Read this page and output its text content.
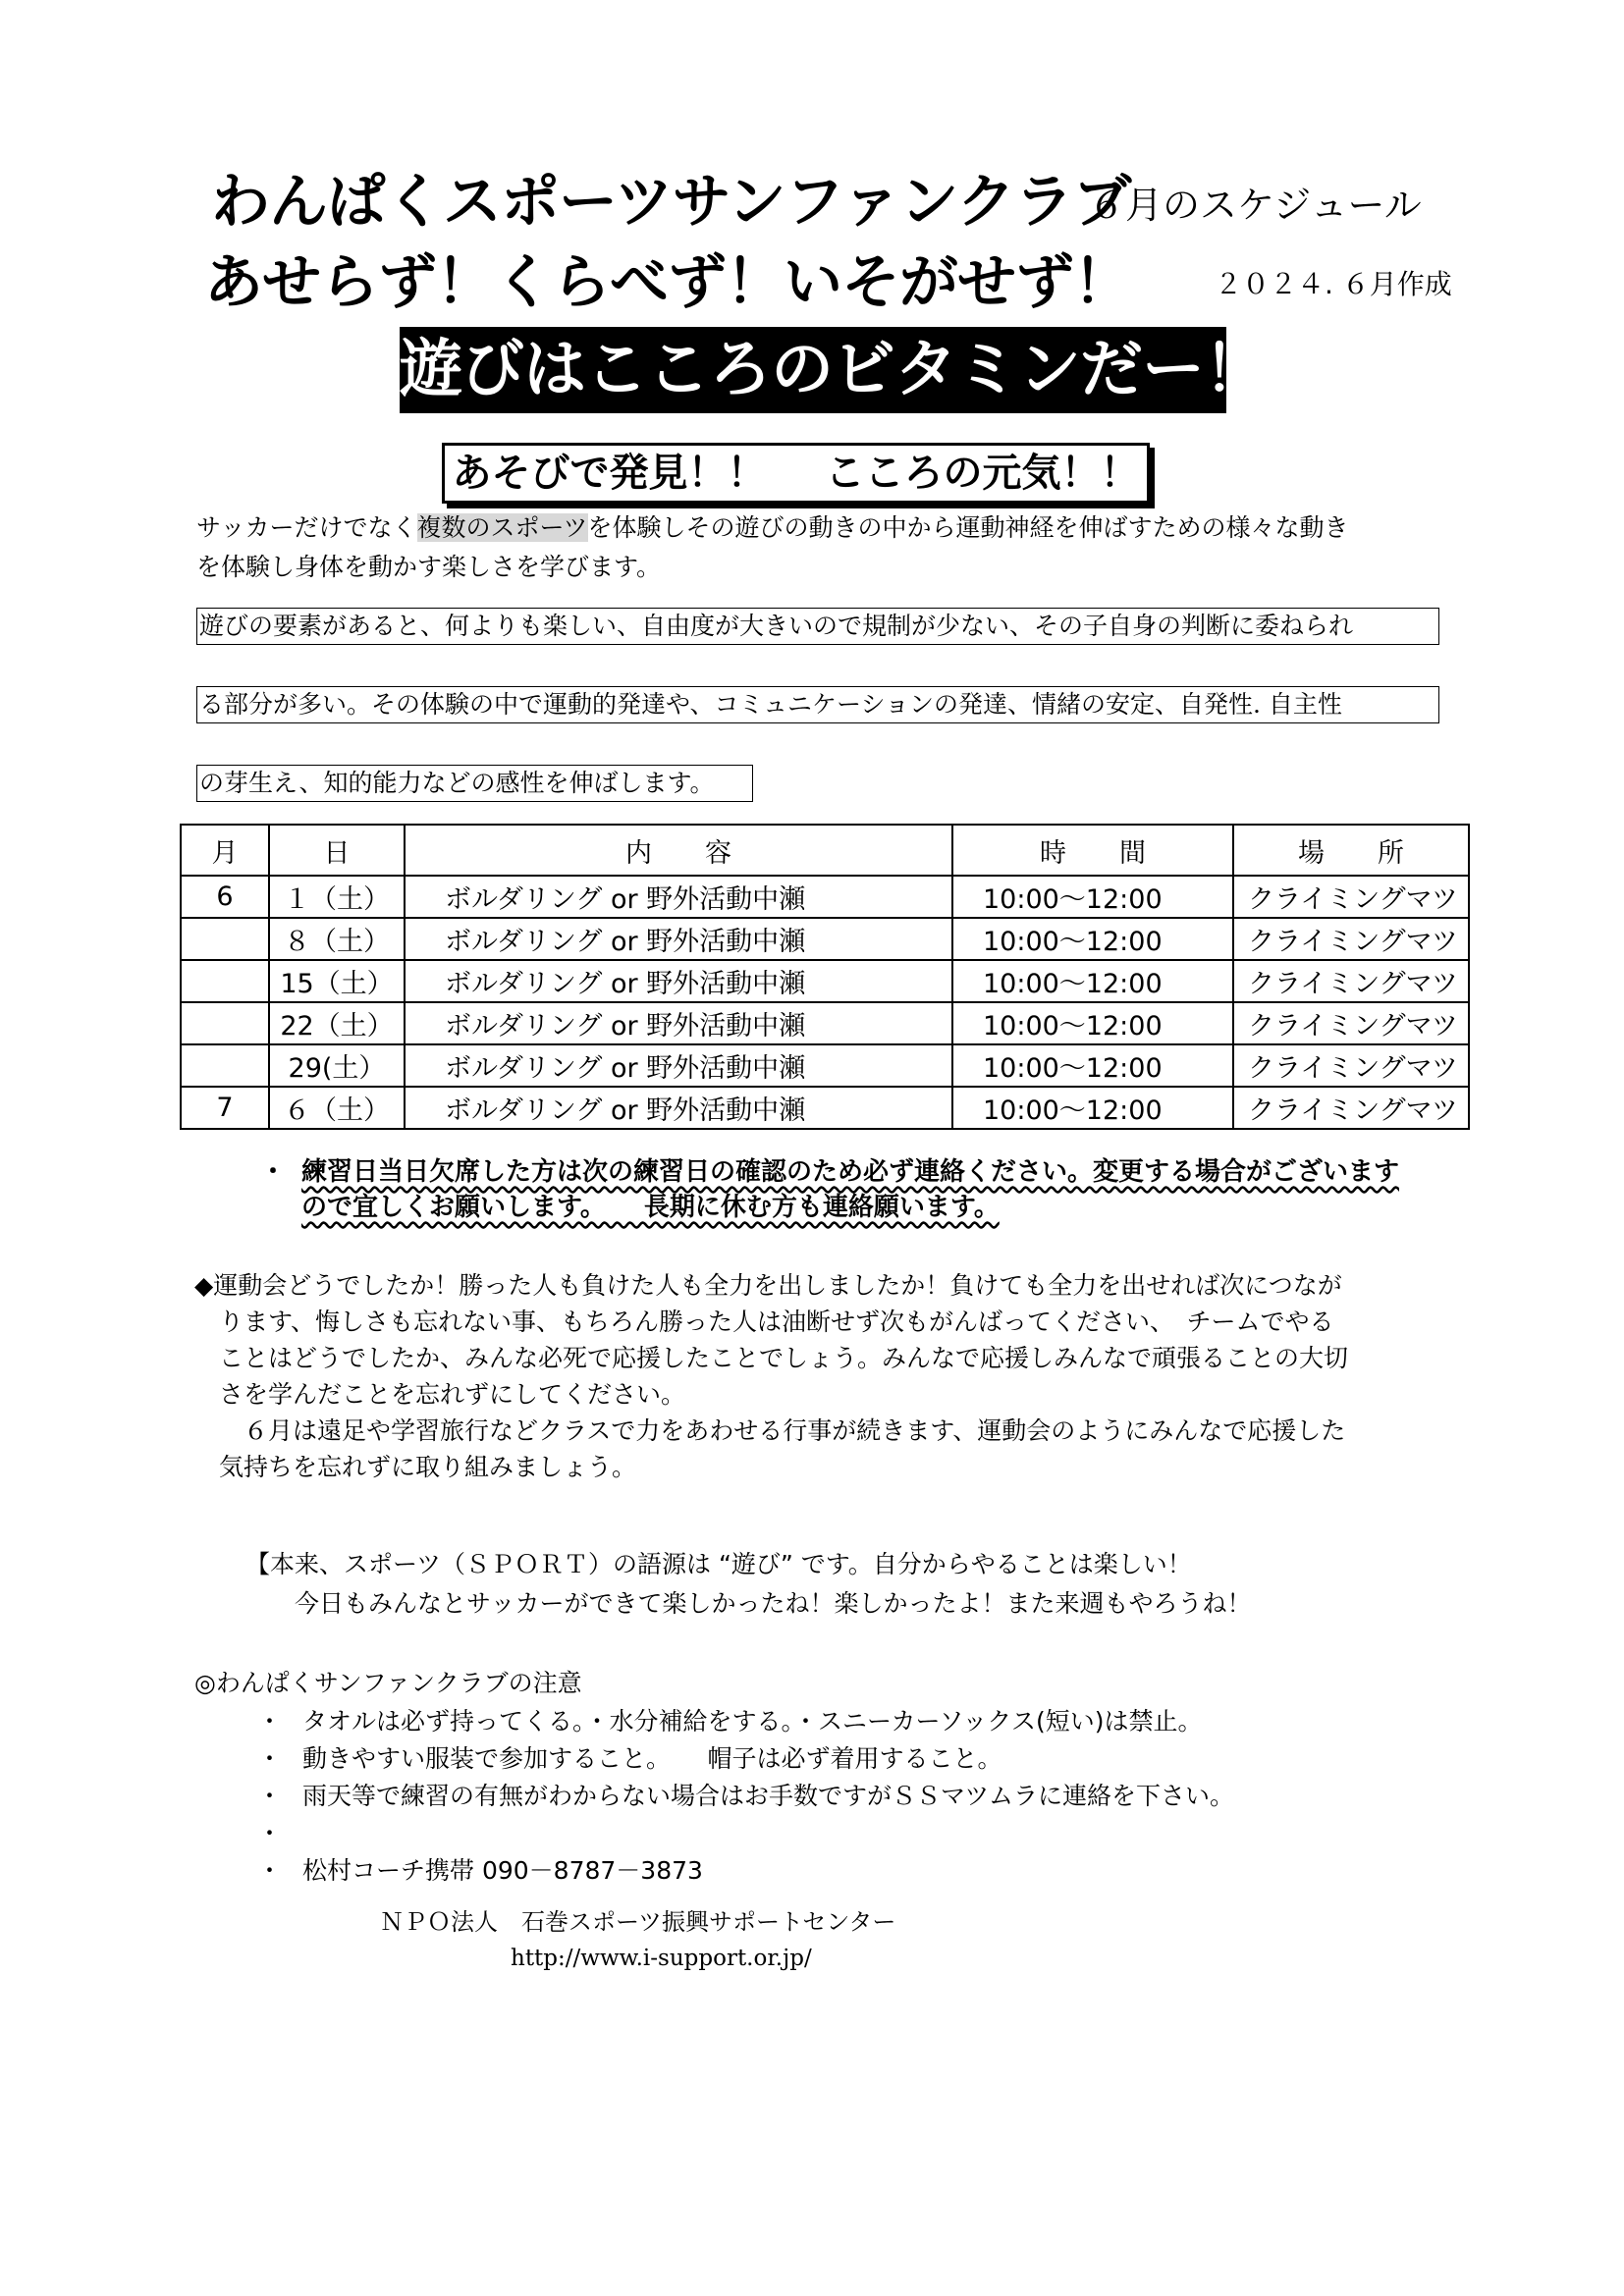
わんぱくスポーツサンファンクラブ
６月のスケジュール
あせらず！くらべず！いそがせず！	２０２４. ６月作成
遊びはこころのビタミンだー！
あそびで発見！！ こころの元気！！
サッカーだけでなく複数のスポーツを体験しその遊びの動きの中から運動神経を伸ばすための様々な動き
を体験し身体を動かす楽しさを学びます。
遊びの要素があると、何よりも楽しい、自由度が大きいので規制が少ない、その子自身の判断に委ねられ
る部分が多い。その体験の中で運動的発達や、コミュニケーションの発達、情緒の安定、自発性. 自主性
の芽生え、知的能力などの感性を伸ばします。
月	日	内　　容	時　　間	場　　所
6	１（土）	ボルダリング or 野外活動中瀬	10:00～12:00	クライミングマツ
	８（土）	ボルダリング or 野外活動中瀬	10:00～12:00	クライミングマツ
	15（土）	ボルダリング or 野外活動中瀬	10:00～12:00	クライミングマツ
	22（土）	ボルダリング or 野外活動中瀬	10:00～12:00	クライミングマツ
	29(土）	ボルダリング or 野外活動中瀬	10:00～12:00	クライミングマツ
7	６（土）	ボルダリング or 野外活動中瀬	10:00～12:00	クライミングマツ
・ 練習日当日欠席した方は次の練習日の確認のため必ず連絡ください。変更する場合がございます
ので宜しくお願いします。　　長期に休む方も連絡願います。
◆運動会どうでしたか！勝った人も負けた人も全力を出しましたか！負けても全力を出せれば次につなが
　ります、悔しさも忘れない事、もちろん勝った人は油断せず次もがんばってください、　チームでやる
　ことはどうでしたか、みんな必死で応援したことでしょう。みんなで応援しみんなで頑張ることの大切
　さを学んだことを忘れずにしてください。
　　６月は遠足や学習旅行などクラスで力をあわせる行事が続きます、運動会のようにみんなで応援した
　気持ちを忘れずに取り組みましょう。
【本来、スポーツ（ＳＰＯＲＴ）の語源は “遊び” です。自分からやることは楽しい！
　　今日もみんなとサッカーができて楽しかったね！楽しかったよ！また来週もやろうね！
◎わんぱくサンファンクラブの注意
・ タオルは必ず持ってくる。・水分補給をする。・スニーカーソックス(短い)は禁止。
・ 動きやすい服装で参加すること。　　帽子は必ず着用すること。
・ 雨天等で練習の有無がわからない場合はお手数ですがＳＳマツムラに連絡を下さい。
・
・ 松村コーチ携帯 090－8787－3873
ＮＰＯ法人　石巻スポーツ振興サポートセンター
http://www.i-support.or.jp/
